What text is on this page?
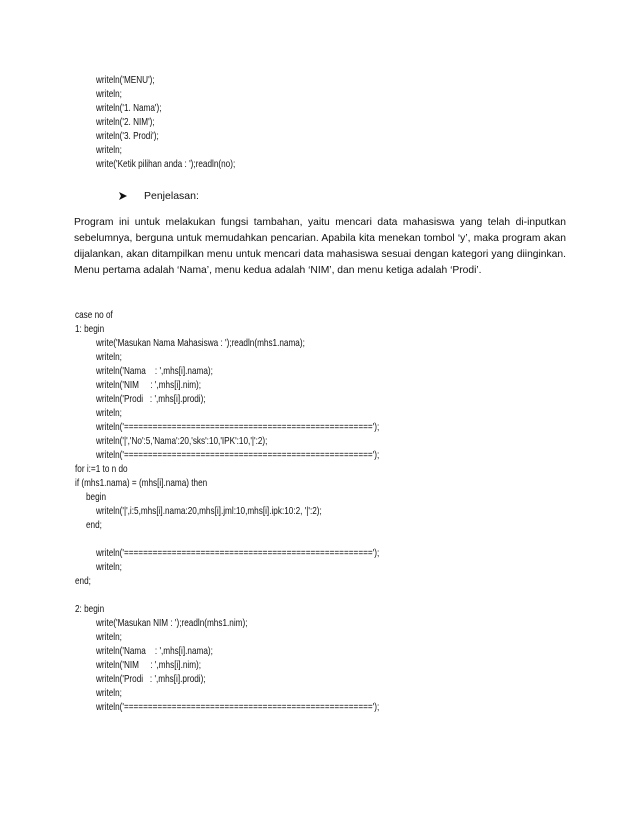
writeln('MENU');
writeln;
writeln('1. Nama');
writeln('2. NIM');
writeln('3. Prodi');
writeln;
write('Ketik pilihan anda : ');readln(no);
Penjelasan:
Program ini untuk melakukan fungsi tambahan, yaitu mencari data mahasiswa yang telah di-inputkan sebelumnya, berguna untuk memudahkan pencarian. Apabila kita menekan tombol ‘y’, maka program akan dijalankan, akan ditampilkan menu untuk mencari data mahasiswa sesuai dengan kategori yang diinginkan. Menu pertama adalah ‘Nama’, menu kedua adalah ‘NIM’, dan menu ketiga adalah ‘Prodi’.
case no of
1: begin
write('Masukan Nama Mahasiswa : ');readln(mhs1.nama);
writeln;
writeln('Nama    : ',mhs[i].nama);
writeln('NIM     : ',mhs[i].nim);
writeln('Prodi   : ',mhs[i].prodi);
writeln;
writeln('====================================================');
writeln('|','No':5,'Nama':20,'sks':10,'IPK':10,'|':2);
writeln('====================================================');
for i:=1 to n do
if (mhs1.nama) = (mhs[i].nama) then
begin
writeln('|',i:5,mhs[i].nama:20,mhs[i].jml:10,mhs[i].ipk:10:2, '|':2);
end;
writeln('====================================================');
writeln;
end;
2: begin
write('Masukan NIM : ');readln(mhs1.nim);
writeln;
writeln('Nama    : ',mhs[i].nama);
writeln('NIM     : ',mhs[i].nim);
writeln('Prodi   : ',mhs[i].prodi);
writeln;
writeln('====================================================');
